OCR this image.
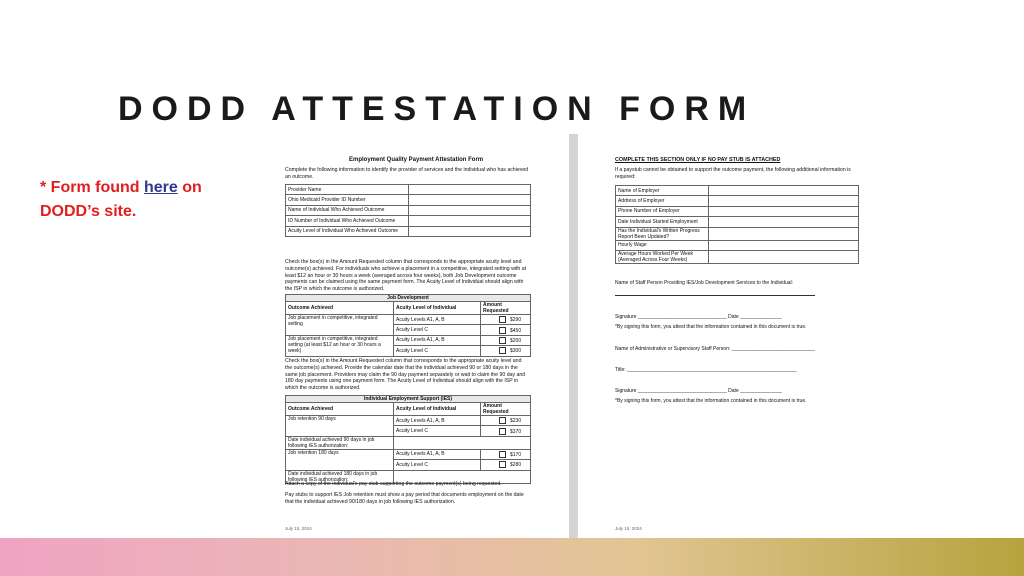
DODD ATTESTATION FORM
* Form found here on
DODD’s site.
Employment Quality Payment Attestation Form
Complete the following information to identify the provider of services and the individual who has achieved an outcome.
Provider Name	
Ohio Medicaid Provider ID Number	
Name of Individual Who Achieved Outcome	
ID Number of Individual Who Achieved Outcome	
Acuity Level of Individual Who Achieved Outcome	
Check the box(s) in the Amount Requested column that corresponds to the appropriate acuity level and outcome(s) achieved. For individuals who achieve a placement in a competitive, integrated setting with at least $12 an hour or 30 hours a week (averaged across four weeks), both Job Development outcome payments can be claimed using the same payment form. The Acuity Level of Individual should align with the ISP in which the outcome is authorized.
Job Development		
Outcome Achieved	Acuity Level of Individual	Amount Requested
Job placement in competitive, integrated setting	Acuity Levels A1, A, B	$290
	Acuity Level C	$450
Job placement in competitive, integrated setting (at least $12 an hour or 30 hours a week)	Acuity Levels A1, A, B	$200
	Acuity Level C	$300
Check the box(s) in the Amount Requested column that corresponds to the appropriate acuity level and the outcome(s) achieved. Provide the calendar date that the individual achieved 90 or 180 days in the same job placement. Providers may claim the 90 day payment separately or wait to claim the 90 day and 180 day payments using one payment form. The Acuity Level of Individual should align with the ISP in which the outcome is authorized.
Individual Employment Support (IES)		
Outcome Achieved	Acuity Level of Individual	Amount Requested
Job retention 90 days	Acuity Levels A1, A, B	$230
	Acuity Level C	$370
Date individual achieved 90 days in job following IES authorization:		
Job retention 180 days	Acuity Levels A1, A, B	$170
	Acuity Level C	$280
Date individual achieved 180 days in job following IES authorization:		
Attach a copy of the individual's pay stub supporting the outcome payment(s) being requested.
Pay stubs to support IES Job retention must show a pay period that documents employment on the date that the individual achieved 90/180 days in job following IES authorization.
July 15, 2024
COMPLETE THIS SECTION ONLY IF NO PAY STUB IS ATTACHED
If a paystub cannot be obtained to support the outcome payment, the following additional information is required:
Name of Employer	
Address of Employer	
Phone Number of Employer	
Date Individual Started Employment	
Has the Individual's Written Progress Report Been Updated?	
Hourly Wage	
Average Hours Worked Per Week (Averaged Across Four Weeks)	
Name of Staff Person Providing IES/Job Development Services to the Individual:
Signature ________________________________ Date _______________
*By signing this form, you attest that the information contained in this document is true.
Name of Administrative or Supervisory Staff Person: ______________________________
Title: _____________________________________________________________
Signature ________________________________ Date _______________
*By signing this form, you attest that the information contained in this document is true.
July 15, 2024
